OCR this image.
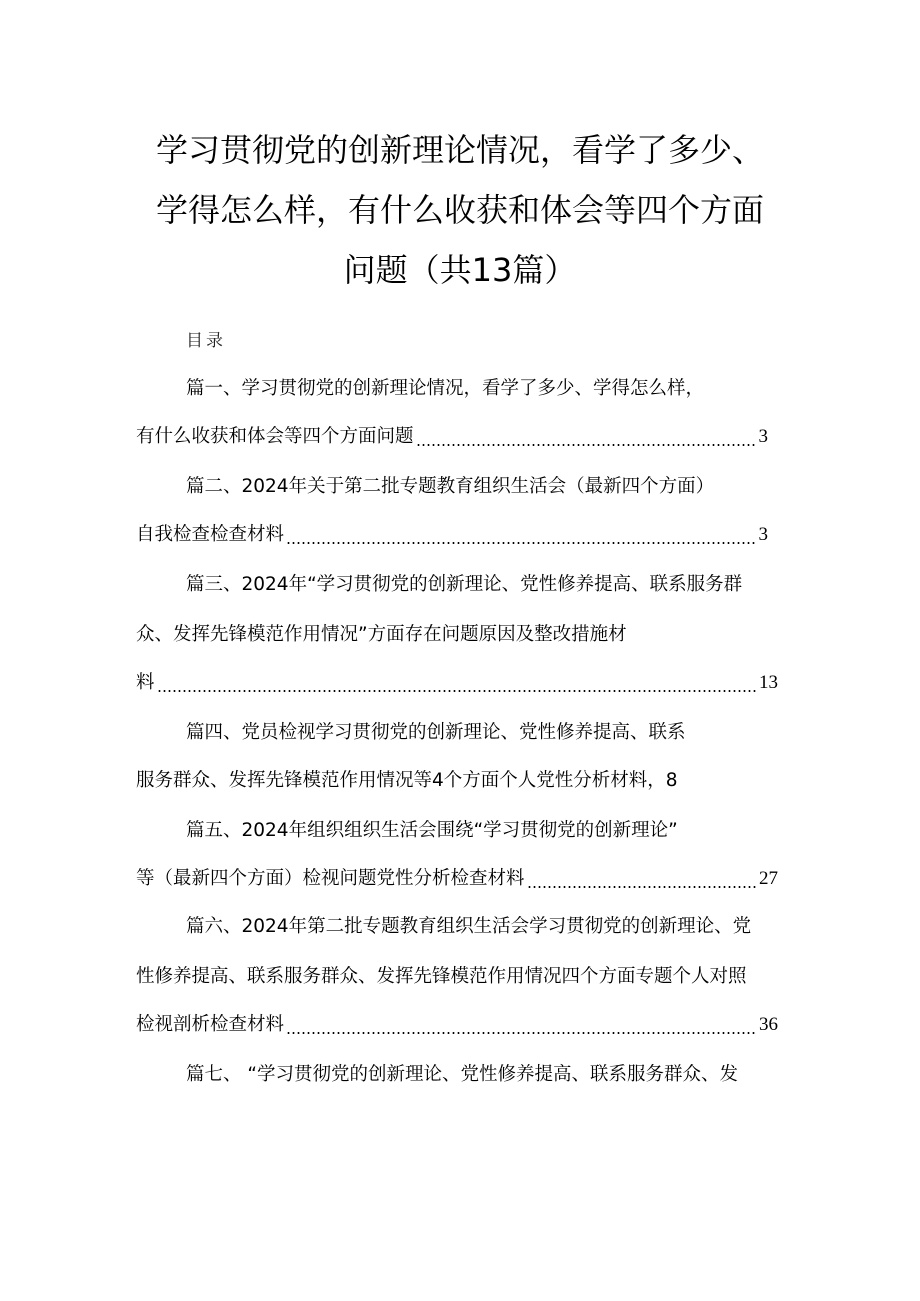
学习贯彻党的创新理论情况，看学了多少、
学得怎么样，有什么收获和体会等四个方面
问题（共13篇）
目录
篇一、学习贯彻党的创新理论情况，看学了多少、学得怎么样，
有什么收获和体会等四个方面问题	3
篇二、2024年关于第二批专题教育组织生活会（最新四个方面）
自我检查检查材料	3
篇三、2024年“学习贯彻党的创新理论、党性修养提高、联系服务群
众、发挥先锋模范作用情况”方面存在问题原因及整改措施材
料	13
篇四、党员检视学习贯彻党的创新理论、党性修养提高、联系
服务群众、发挥先锋模范作用情况等4个方面个人党性分析材料，8
篇五、2024年组织组织生活会围绕“学习贯彻党的创新理论”
等（最新四个方面）检视问题党性分析检查材料	27
篇六、2024年第二批专题教育组织生活会学习贯彻党的创新理论、党
性修养提高、联系服务群众、发挥先锋模范作用情况四个方面专题个人对照
检视剖析检查材料	36
篇七、 “学习贯彻党的创新理论、党性修养提高、联系服务群众、发
